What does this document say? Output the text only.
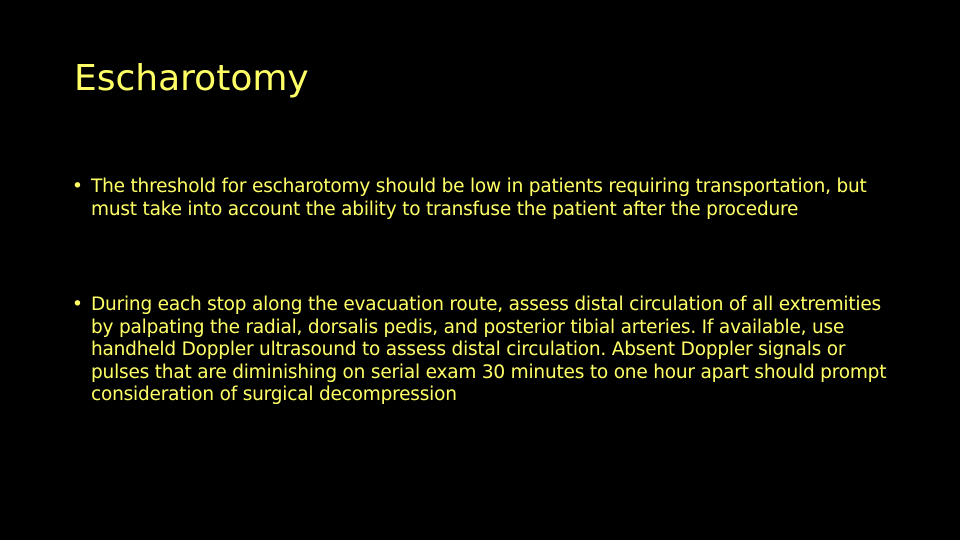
Escharotomy
• The threshold for escharotomy should be low in patients requiring transportation, but must take into account the ability to transfuse the patient after the procedure
• During each stop along the evacuation route, assess distal circulation of all extremities by palpating the radial, dorsalis pedis, and posterior tibial arteries. If available, use handheld Doppler ultrasound to assess distal circulation. Absent Doppler signals or pulses that are diminishing on serial exam 30 minutes to one hour apart should prompt consideration of surgical decompression
